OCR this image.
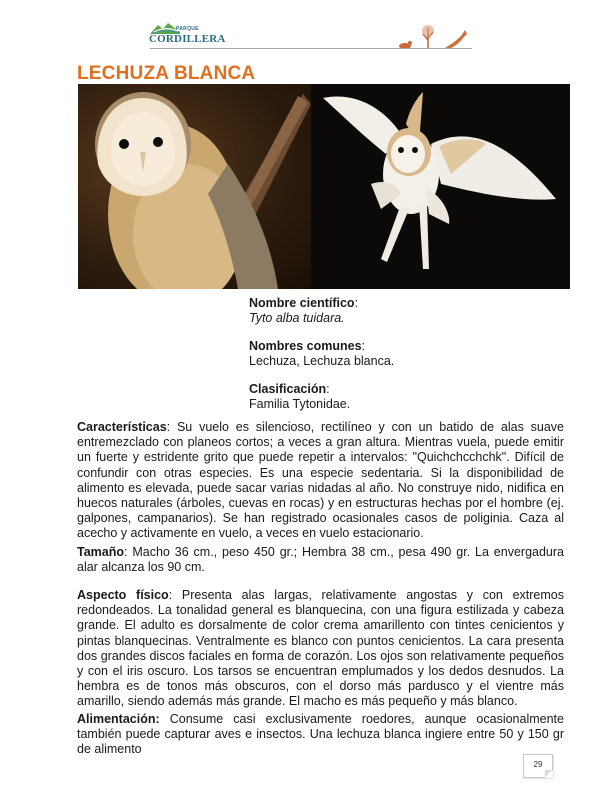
PARQUE
CORDILLERA
LECHUZA BLANCA
Nombre científico:
Tyto alba tuidara.
Nombres comunes:
Lechuza, Lechuza blanca.
Clasificación:
Familia Tytonidae.

Características: Su vuelo es silencioso, rectilíneo y con un batido de alas suave entremezclado con planeos cortos; a veces a gran altura. Mientras vuela, puede emitir un fuerte y estridente grito que puede repetir a intervalos: "Quichchcchchk". Difícil de confundir con otras especies. Es una especie sedentaria. Si la disponibilidad de alimento es elevada, puede sacar varias nidadas al año. No construye nido, nidifica en huecos naturales (árboles, cuevas en rocas) y en estructuras hechas por el hombre (ej. galpones, campanarios). Se han registrado ocasionales casos de poliginia. Caza al acecho y activamente en vuelo, a veces en vuelo estacionario.

Tamaño: Macho 36 cm., peso 450 gr.; Hembra 38 cm., pesa 490 gr. La envergadura alar alcanza los 90 cm.

Aspecto físico: Presenta alas largas, relativamente angostas y con extremos redondeados. La tonalidad general es blanquecina, con una figura estilizada y cabeza grande. El adulto es dorsalmente de color crema amarillento con tintes cenicientos y pintas blanquecinas. Ventralmente es blanco con puntos cenicientos. La cara presenta dos grandes discos faciales en forma de corazón. Los ojos son relativamente pequeños y con el iris oscuro. Los tarsos se encuentran emplumados y los dedos desnudos. La hembra es de tonos más obscuros, con el dorso más pardusco y el vientre más amarillo, siendo además más grande. El macho es más pequeño y más blanco.

Alimentación: Consume casi exclusivamente roedores, aunque ocasionalmente también puede capturar aves e insectos. Una lechuza blanca ingiere entre 50 y 150 gr de alimento

29
